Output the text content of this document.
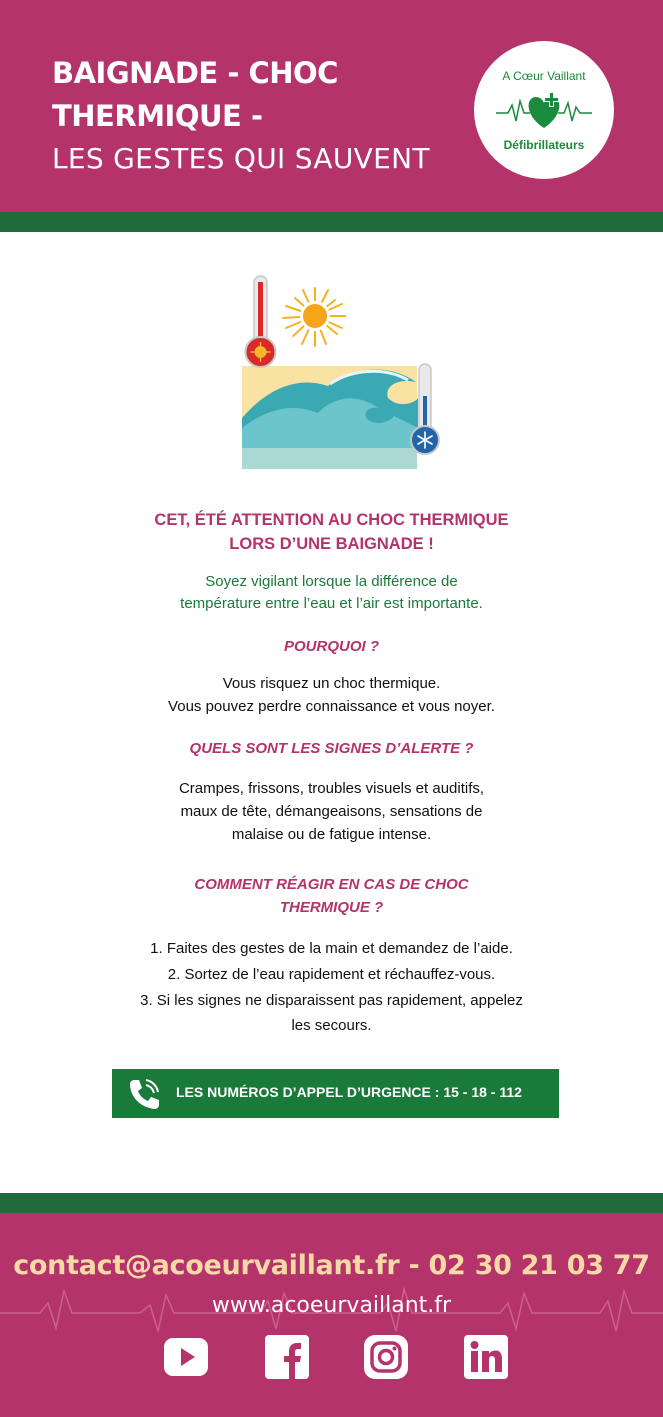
BAIGNADE - CHOC
THERMIQUE -
LES GESTES QUI SAUVENT
A Cœur Vaillant
Défibrillateurs
CET, ÉTÉ ATTENTION AU CHOC THERMIQUE
LORS D’UNE BAIGNADE !
Soyez vigilant lorsque la différence de
température entre l’eau et l’air est importante.
POURQUOI ?
Vous risquez un choc thermique.
Vous pouvez perdre connaissance et vous noyer.
QUELS SONT LES SIGNES D’ALERTE ?
Crampes, frissons, troubles visuels et auditifs,
maux de tête, démangeaisons, sensations de
malaise ou de fatigue intense.
COMMENT RÉAGIR EN CAS DE CHOC
THERMIQUE ?
1. Faites des gestes de la main et demandez de l’aide.
2. Sortez de l’eau rapidement et réchauffez-vous.
3. Si les signes ne disparaissent pas rapidement, appelez
les secours.
LES NUMÉROS D’APPEL D’URGENCE : 15 - 18 - 112
contact@acoeurvaillant.fr - 02 30 21 03 77
www.acoeurvaillant.fr
